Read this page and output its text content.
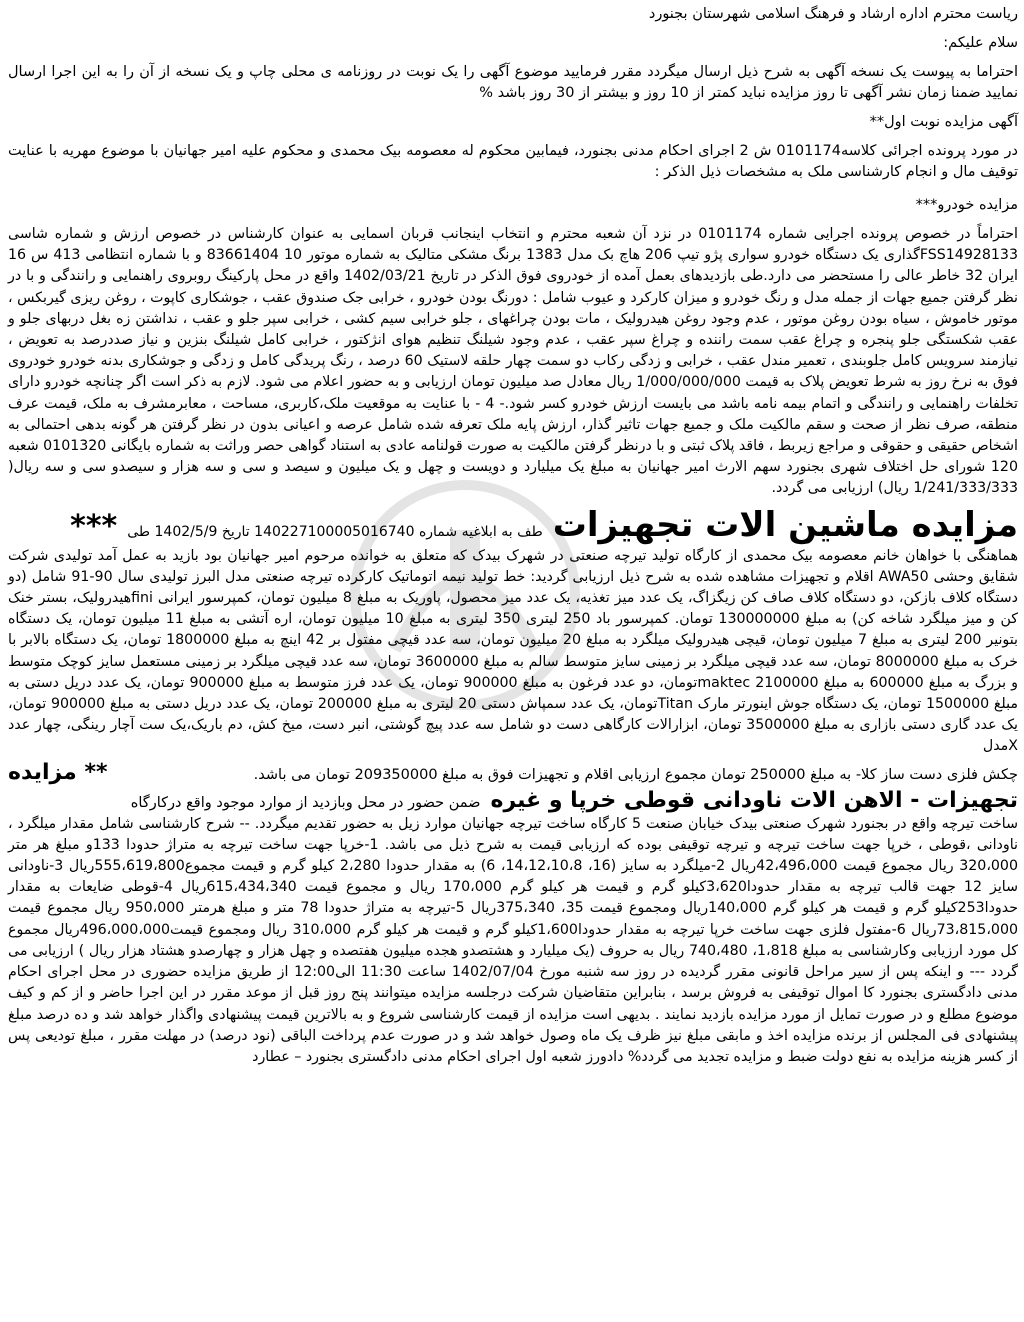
ریاست محترم اداره ارشاد و فرهنگ اسلامی شهرستان بجنورد

سلام علیکم:

احتراما به پیوست یک نسخه آگهی به شرح ذیل ارسال میگردد مقرر فرمایید موضوع آگهی را یک نوبت در روزنامه ی محلی چاپ و یک نسخه از آن را به این اجرا ارسال نمایید ضمنا زمان نشر آگهی تا روز مزایده نباید کمتر از 10 روز و بیشتر از 30 روز باشد %

آگهی مزایده نوبت اول**

در مورد پرونده اجرائی کلاسه0101174 ش 2 اجرای احکام مدنی بجنورد، فیمابین محکوم له معصومه بیک محمدی و محکوم علیه امیر جهانیان با موضوع مهریه با عنایت توقیف مال و انجام کارشناسی ملک به مشخصات ذیل الذکر :

مزایده خودرو***

احتراماً در خصوص پرونده اجرایی شماره 0101174 در نزد آن شعبه محترم و انتخاب اینجانب قربان اسمایی به عنوان کارشناس در خصوص ارزش و شماره شاسی FSS14928133گذاری یک دستگاه خودرو سواری پژو تیپ 206 هاچ بک مدل 1383 برنگ مشکی متالیک به شماره موتور 10 83661404 و با شماره انتظامی 413 س 16 ایران 32 خاطر عالی را مستحضر می دارد.طی بازدیدهای بعمل آمده از خودروی فوق الذکر در تاریخ 1402/03/21 واقع در محل پارکینگ روبروی راهنمایی و رانندگی و با در نظر گرفتن جمیع جهات از جمله مدل و رنگ خودرو و میزان کارکرد و عیوب شامل : دورنگ بودن خودرو ، خرابی جک صندوق عقب ، جوشکاری کاپوت ، روغن ریزی گیربکس ، موتور خاموش ، سیاه بودن روغن موتور ، عدم وجود روغن هیدرولیک ، مات بودن چراغهای ، جلو خرابی سیم کشی ، خرابی سپر جلو و عقب ، نداشتن زه بغل دربهای جلو و عقب شکستگی جلو پنجره و چراغ عقب سمت راننده و چراغ سپر عقب ، عدم وجود شیلنگ تنظیم هوای انژکتور ، خرابی کامل شیلنگ بنزین و نیاز صددرصد به تعویض ، نیازمند سرویس کامل جلوبندی ، تعمیر مندل عقب ، خرابی و زدگی رکاب دو سمت چهار حلقه لاستیک 60 درصد ، رنگ پریدگی کامل و زدگی و جوشکاری بدنه خودرو خودروی فوق به نرخ روز به شرط تعویض پلاک به قیمت 1/000/000/000 ریال معادل صد میلیون تومان ارزیابی و به حضور اعلام می شود. لازم به ذکر است اگر چنانچه خودرو دارای تخلفات راهنمایی و رانندگی و اتمام بیمه نامه باشد می بایست ارزش خودرو کسر شود.- 4 - با عنایت به موقعیت ملک،کاربری، مساحت ، معابرمشرف به ملک، قیمت عرف منطقه، صرف نظر از صحت و سقم مالکیت ملک و جمیع جهات تاثیر گذار، ارزش پایه ملک تعرفه شده شامل عرصه و اعیانی بدون در نظر گرفتن هر گونه بدهی احتمالی به اشخاص حقیقی و حقوقی و مراجع زیربط ، فاقد پلاک ثبتی و با درنظر گرفتن مالکیت به صورت قولنامه عادی به استناد گواهی حصر وراثت به شماره بایگانی 0101320 شعبه 120 شورای حل اختلاف شهری بجنورد سهم الارث امیر جهانیان به مبلغ یک میلیارد و دویست و چهل و یک میلیون و سیصد و سی و سه هزار و سیصدو سی و سه ریال( 1/241/333/333 ریال) ارزیابی می گردد.

مزایده ماشین الات تجهیزات
طف به ابلاغیه شماره 140227100005016740 تاریخ 1402/5/9 طی
***

هماهنگی با خواهان خانم معصومه بیک محمدی از کارگاه تولید تیرچه صنعتی در شهرک بیدک که متعلق به خوانده مرحوم امیر جهانیان بود بازید به عمل آمد تولیدی شرکت شقایق وحشی AWA50 اقلام و تجهیزات مشاهده شده به شرح ذیل ارزیابی گردید: خط تولید نیمه اتوماتیک کارکرده تیرچه صنعتی مدل البرز تولیدی سال 90-91 شامل (دو دستگاه کلاف بازکن، دو دستگاه کلاف صاف کن زیگزاگ، یک عدد میز تغذیه، یک عدد میز محصول، پاوریک به مبلغ 8 میلیون تومان، کمپرسور ایرانی finiهیدرولیک، بستر خنک کن و میز میلگرد شاخه کن) به مبلغ 130000000 تومان. کمپرسور باد 250 لیتری 350 لیتری به مبلغ 10 میلیون تومان، اره آتشی به مبلغ 11 میلیون تومان، یک دستگاه بتونیر 200 لیتری به مبلغ 7 میلیون تومان، قیچی هیدرولیک میلگرد به مبلغ 20 میلیون تومان، سه عدد قیچی مفتول بر 42 اینچ به مبلغ 1800000 تومان، یک دستگاه بالابر با خرک به مبلغ 8000000 تومان، سه عدد قیچی میلگرد بر زمینی سایز متوسط سالم به مبلغ 3600000 تومان، سه عدد قیچی میلگرد بر زمینی مستعمل سایز کوچک متوسط و بزرگ به مبلغ 600000 به مبلغ 2100000 maktecتومان، دو عدد فرغون به مبلغ 900000 تومان، یک عدد فرز متوسط به مبلغ 900000 تومان، یک عدد دریل دستی به مبلغ 1500000 تومان، یک دستگاه جوش اینورتر مارک Titanتومان، یک عدد سمپاش دستی 20 لیتری به مبلغ 200000 تومان، یک عدد دریل دستی به مبلغ 900000 تومان، یک عدد گاری دستی بازاری به مبلغ 3500000 تومان، ابزارالات کارگاهی دست دو شامل سه عدد پیچ گوشتی، انبر دست، میخ کش، دم باریک،یک ست آچار رینگی، چهار عدد Xمدل

چکش فلزی دست ساز کلا- به مبلغ 250000 تومان مجموع ارزیابی اقلام و تجهیزات فوق به مبلغ 209350000 تومان می باشد.
** مزایده
تجهیزات - الاهن الات ناودانی قوطی خرپا و غیره
ضمن حضور در محل وبازدید از موارد موجود واقع درکارگاه

ساخت تیرچه واقع در بجنورد شهرک صنعتی بیدک خیابان صنعت 5 کارگاه ساخت تیرچه جهانیان موارد زیل به حضور تقدیم میگردد. -- شرح کارشناسی شامل مقدار میلگرد ، ناودانی ،قوطی ، خرپا جهت ساخت تیرچه و تیرچه توقیفی بوده که ارزیابی قیمت به شرح ذیل می باشد. 1-خرپا جهت ساخت تیرچه به متراژ حدودا 133و مبلغ هر متر 320،000 ریال مجموع قیمت 42،496،000ریال 2-میلگرد به سایز (16، 14،12،10،8، 6) به مقدار حدودا 2،280 کیلو گرم و قیمت مجموع555،619،800ریال 3-ناودانی سایز 12 جهت قالب تیرچه به مقدار حدودا3،620کیلو گرم و قیمت هر کیلو گرم 170،000 ریال و مجموع قیمت 615،434،340ریال 4-قوطی ضایعات به مقدار حدودا253کیلو گرم و قیمت هر کیلو گرم 140،000ریال ومجموع قیمت 35، 375،340ریال 5-تیرچه به متراژ حدودا 78 متر و مبلغ هرمتر 950،000 ریال مجموع قیمت 73،815،000ریال 6-مفتول فلزی جهت ساخت خرپا تیرچه به مقدار حدودا1،600کیلو گرم و قیمت هر کیلو گرم 310،000 ریال ومجموع قیمت496،000،000ریال مجموع کل مورد ارزیابی وکارشناسی به مبلغ 1،818، 740،480 ریال به حروف (یک میلیارد و هشتصدو هجده میلیون هفتصده و چهل هزار و چهارصدو هشتاد هزار ریال ) ارزیابی می گردد --- و اینکه پس از سیر مراحل قانونی مقرر گردیده در روز سه شنبه مورخ 1402/07/04 ساعت 11:30 الی12:00 از طریق مزایده حضوری در محل اجرای احکام مدنی دادگستری بجنورد کا اموال توقیفی به فروش برسد ، بنابراین متقاضیان شرکت درجلسه مزایده میتوانند پنج روز قبل از موعد مقرر در این اجرا حاضر و از کم و کیف موضوع مطلع و در صورت تمایل از مورد مزایده بازدید نمایند . بدیهی است مزایده از قیمت کارشناسی شروع و به بالاترین قیمت پیشنهادی واگذار خواهد شد و ده درصد مبلغ پیشنهادی فی المجلس از برنده مزایده اخذ و مابقی مبلغ نیز ظرف یک ماه وصول خواهد شد و در صورت عدم پرداخت الباقی (نود درصد) در مهلت مقرر ، مبلغ تودیعی پس از کسر هزینه مزایده به نفع دولت ضبط و مزایده تجدید می گردد% دادورز شعبه اول اجرای احکام مدنی دادگستری بجنورد – عطارد
